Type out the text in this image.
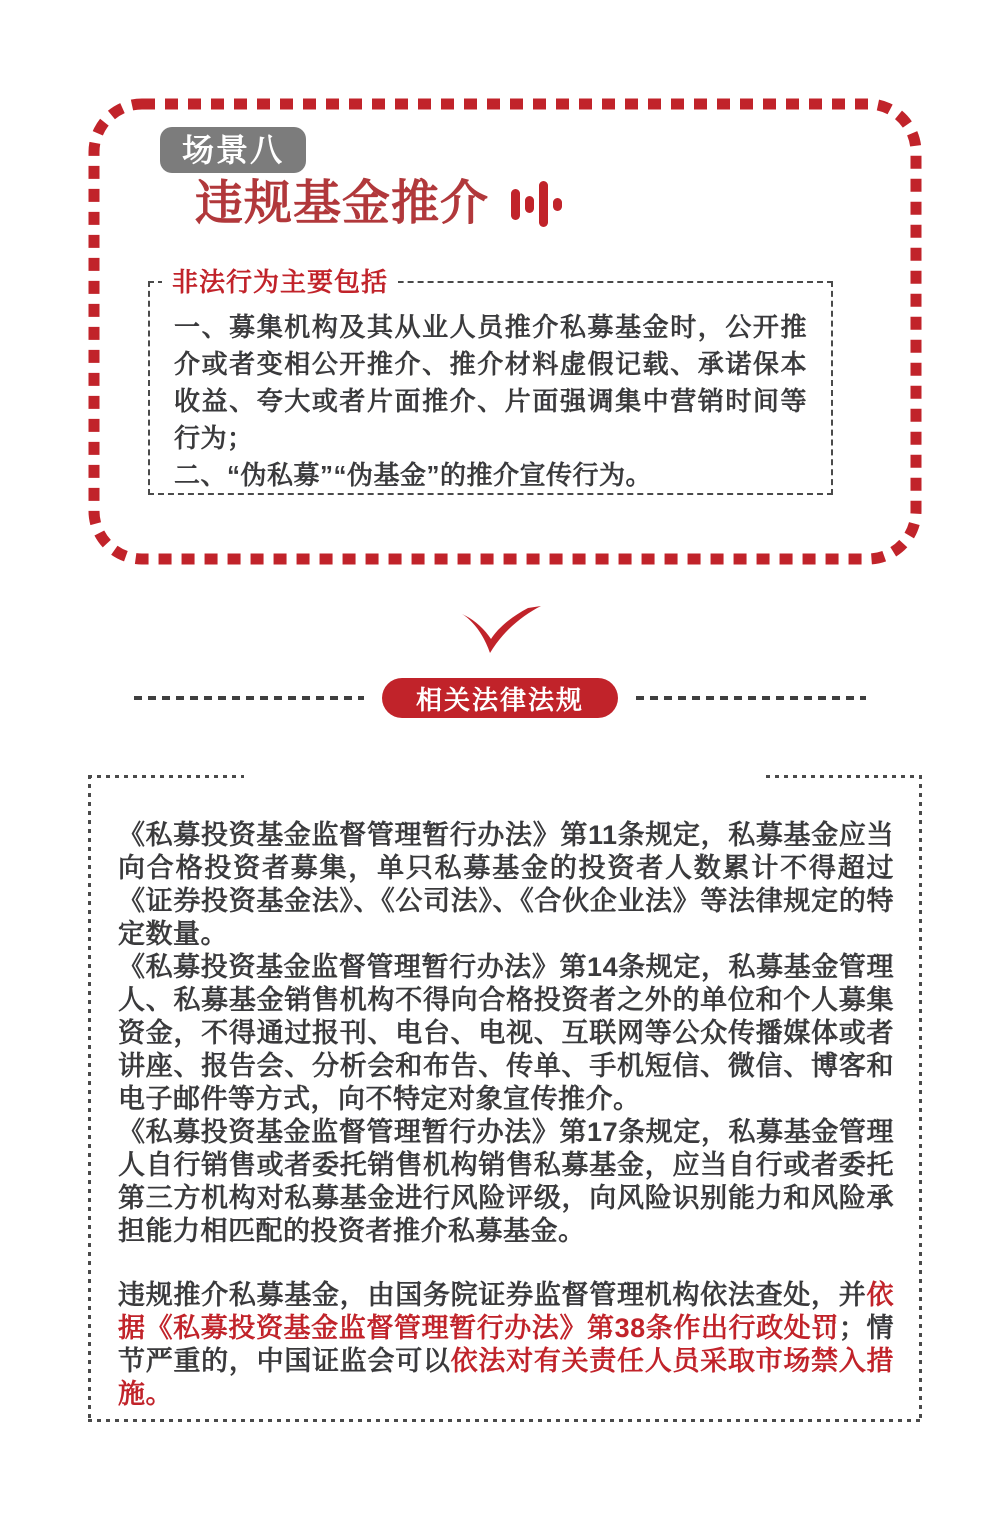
场景八
违规基金推介
非法行为主要包括

一、募集机构及其从业人员推介私募基金时，公开推介或者变相公开推介、推介材料虚假记载、承诺保本收益、夸大或者片面推介、片面强调集中营销时间等行为；

二、“伪私募”“伪基金”的推介宣传行为。

相关法律法规

《私募投资基金监督管理暂行办法》第11条规定，私募基金应当向合格投资者募集，单只私募基金的投资者人数累计不得超过《证券投资基金法》、《公司法》、《合伙企业法》等法律规定的特定数量。

《私募投资基金监督管理暂行办法》第14条规定，私募基金管理人、私募基金销售机构不得向合格投资者之外的单位和个人募集资金，不得通过报刊、电台、电视、互联网等公众传播媒体或者讲座、报告会、分析会和布告、传单、手机短信、微信、博客和电子邮件等方式，向不特定对象宣传推介。

《私募投资基金监督管理暂行办法》第17条规定，私募基金管理人自行销售或者委托销售机构销售私募基金，应当自行或者委托第三方机构对私募基金进行风险评级，向风险识别能力和风险承担能力相匹配的投资者推介私募基金。

违规推介私募基金，由国务院证券监督管理机构依法查处，并依据《私募投资基金监督管理暂行办法》第38条作出行政处罚；情节严重的，中国证监会可以依法对有关责任人员采取市场禁入措施。
